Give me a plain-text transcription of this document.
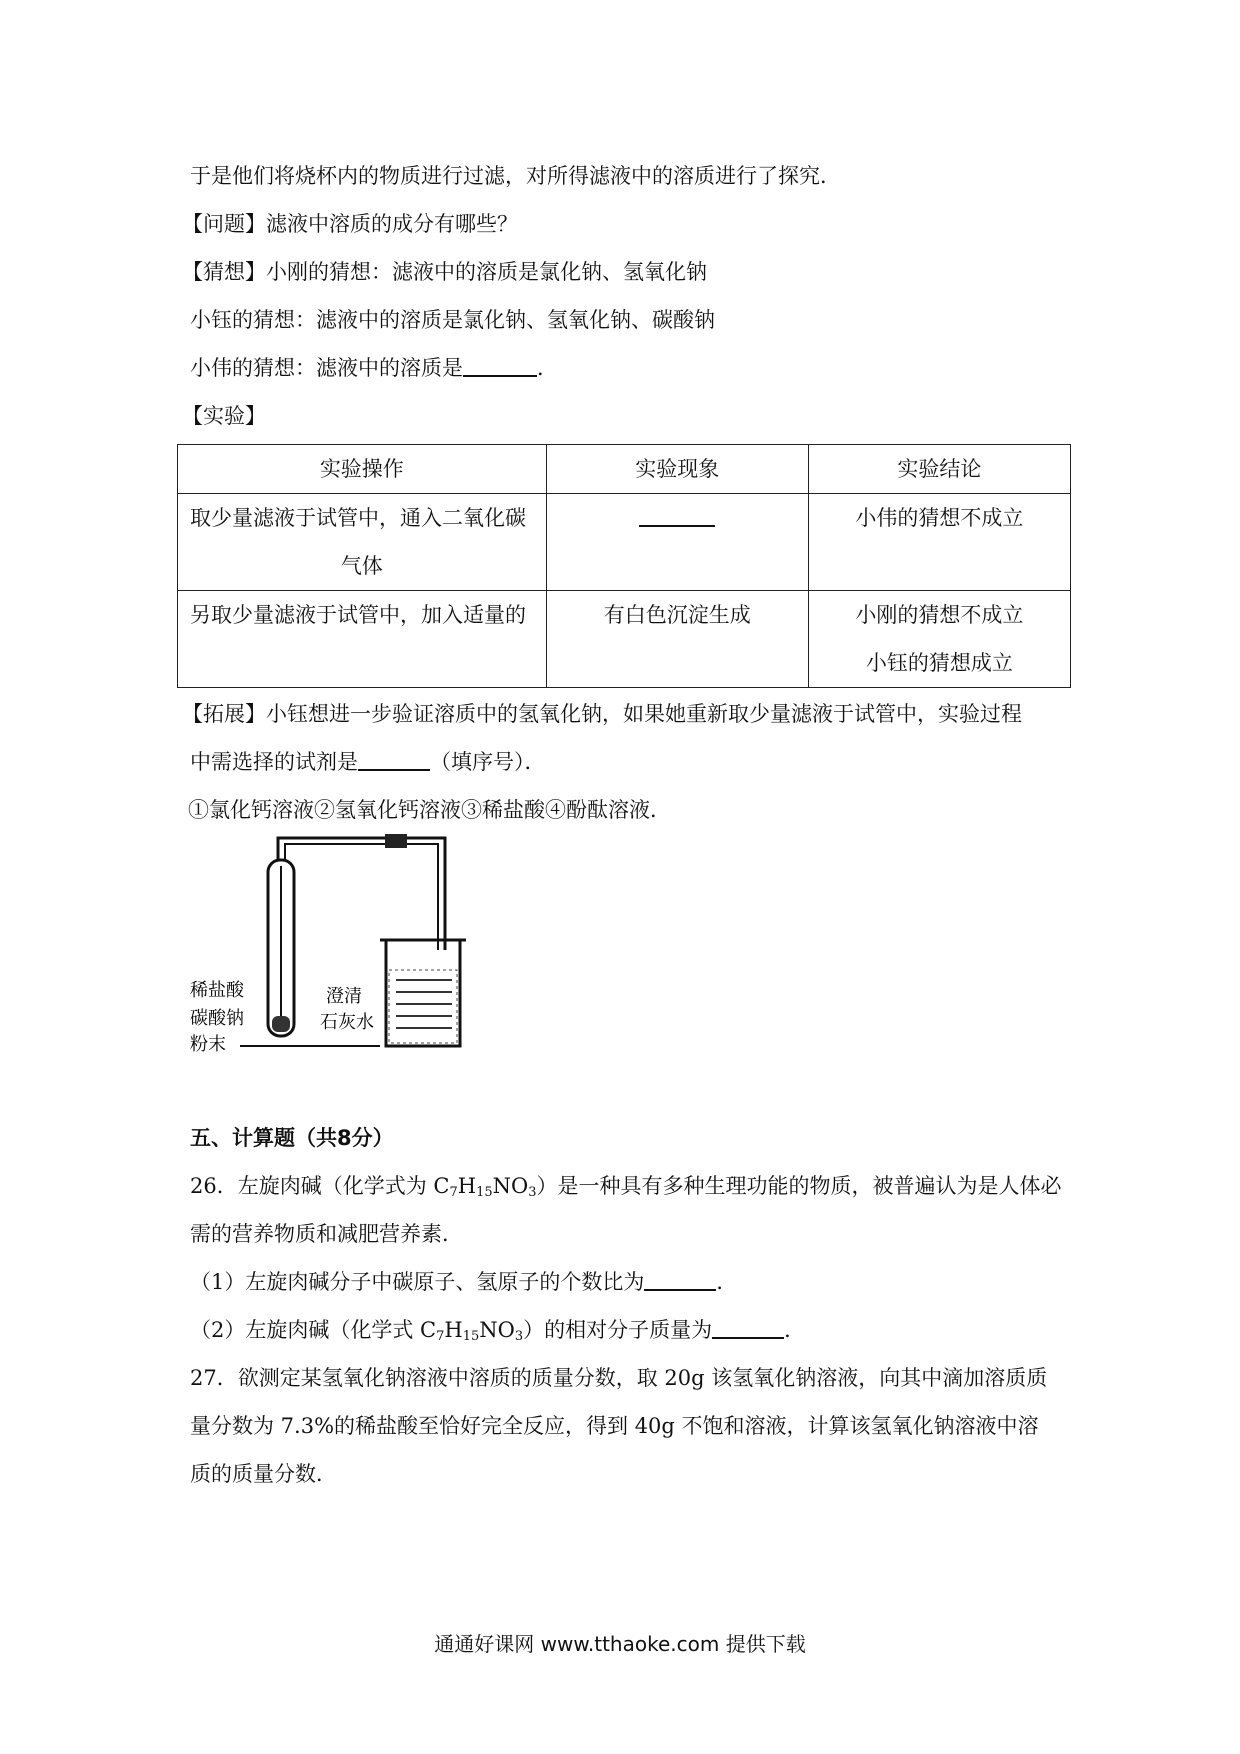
于是他们将烧杯内的物质进行过滤，对所得滤液中的溶质进行了探究．
【问题】滤液中溶质的成分有哪些？
【猜想】小刚的猜想：滤液中的溶质是氯化钠、氢氧化钠
小钰的猜想：滤液中的溶质是氯化钠、氢氧化钠、碳酸钠
小伟的猜想：滤液中的溶质是	．
【实验】
实验操作	实验现象	实验结论

取少量滤液于试管中，通入二氧化碳
气体		小伟的猜想不成立

另取少量滤液于试管中，加入适量的	有白色沉淀生成	小刚的猜想不成立
小钰的猜想成立
【拓展】小钰想进一步验证溶质中的氢氧化钠，如果她重新取少量滤液于试管中，实验过程
中需选择的试剂是	（填序号）．
①氯化钙溶液②氢氧化钙溶液③稀盐酸④酚酞溶液．
稀盐酸
碳酸钠
粉末
澄清
石灰水
五、计算题（共8分）
26．左旋肉碱（化学式为 $C_7H_{15}NO_3$）是一种具有多种生理功能的物质，被普遍认为是人体必
需的营养物质和减肥营养素．
（1）左旋肉碱分子中碳原子、氢原子的个数比为	．
（2）左旋肉碱（化学式 $C_7H_{15}NO_3$）的相对分子质量为	．
27．欲测定某氢氧化钠溶液中溶质的质量分数，取 20g 该氢氧化钠溶液，向其中滴加溶质质
量分数为 7.3%的稀盐酸至恰好完全反应，得到 40g 不饱和溶液，计算该氢氧化钠溶液中溶
质的质量分数．
通通好课网 www.tthaoke.com 提供下载
